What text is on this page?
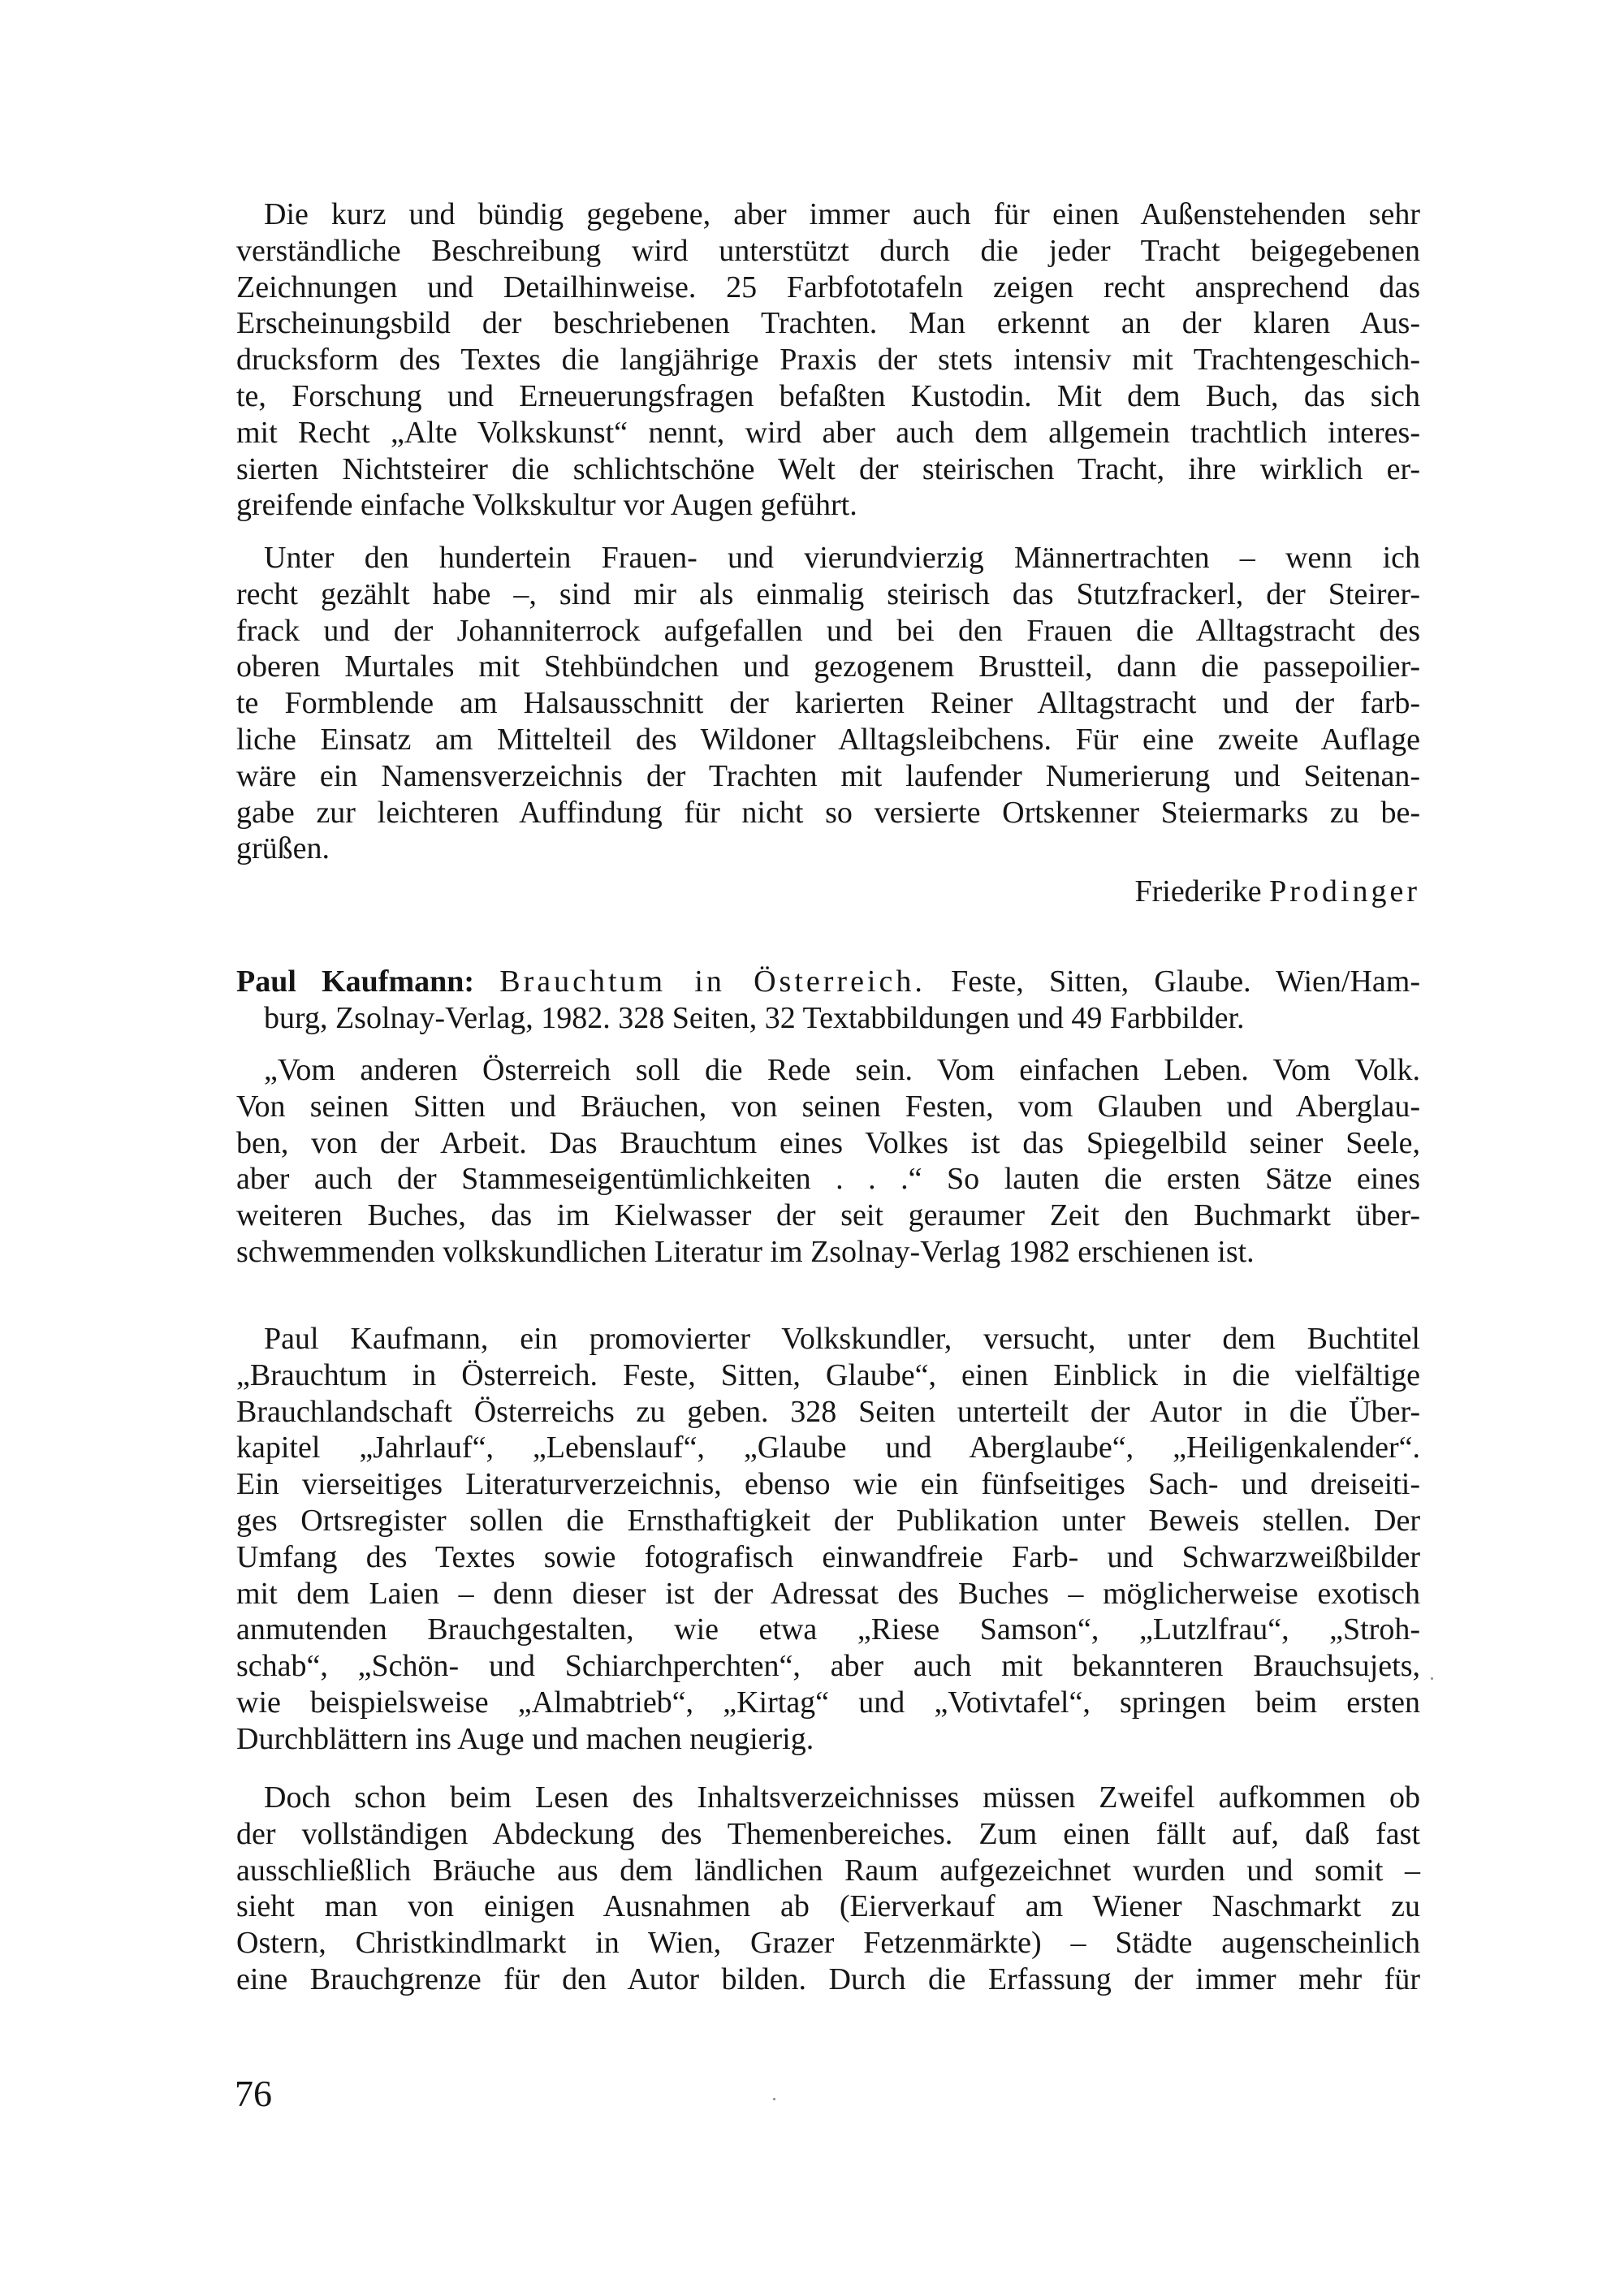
Die kurz und bündig gegebene, aber immer auch für einen Außenstehenden sehr
verständliche Beschreibung wird unterstützt durch die jeder Tracht beigegebenen
Zeichnungen und Detailhinweise. 25 Farbfototafeln zeigen recht ansprechend das
Erscheinungsbild der beschriebenen Trachten. Man erkennt an der klaren Aus-
drucksform des Textes die langjährige Praxis der stets intensiv mit Trachtengeschich-
te, Forschung und Erneuerungsfragen befaßten Kustodin. Mit dem Buch, das sich
mit Recht „Alte Volkskunst“ nennt, wird aber auch dem allgemein trachtlich interes-
sierten Nichtsteirer die schlichtschöne Welt der steirischen Tracht, ihre wirklich er-
greifende einfache Volkskultur vor Augen geführt.
Unter den hundertein Frauen- und vierundvierzig Männertrachten – wenn ich
recht gezählt habe –, sind mir als einmalig steirisch das Stutzfrackerl, der Steirer-
frack und der Johanniterrock aufgefallen und bei den Frauen die Alltagstracht des
oberen Murtales mit Stehbündchen und gezogenem Brustteil, dann die passepoilier-
te Formblende am Halsausschnitt der karierten Reiner Alltagstracht und der farb-
liche Einsatz am Mittelteil des Wildoner Alltagsleibchens. Für eine zweite Auflage
wäre ein Namensverzeichnis der Trachten mit laufender Numerierung und Seitenan-
gabe zur leichteren Auffindung für nicht so versierte Ortskenner Steiermarks zu be-
grüßen.
Friederike Prodinger
Paul Kaufmann: Brauchtum in Österreich. Feste, Sitten, Glaube. Wien/Ham-
burg, Zsolnay-Verlag, 1982. 328 Seiten, 32 Textabbildungen und 49 Farbbilder.
„Vom anderen Österreich soll die Rede sein. Vom einfachen Leben. Vom Volk.
Von seinen Sitten und Bräuchen, von seinen Festen, vom Glauben und Aberglau-
ben, von der Arbeit. Das Brauchtum eines Volkes ist das Spiegelbild seiner Seele,
aber auch der Stammeseigentümlichkeiten . . .“ So lauten die ersten Sätze eines
weiteren Buches, das im Kielwasser der seit geraumer Zeit den Buchmarkt über-
schwemmenden volkskundlichen Literatur im Zsolnay-Verlag 1982 erschienen ist.
Paul Kaufmann, ein promovierter Volkskundler, versucht, unter dem Buchtitel
„Brauchtum in Österreich. Feste, Sitten, Glaube“, einen Einblick in die vielfältige
Brauchlandschaft Österreichs zu geben. 328 Seiten unterteilt der Autor in die Über-
kapitel „Jahrlauf“, „Lebenslauf“, „Glaube und Aberglaube“, „Heiligenkalender“.
Ein vierseitiges Literaturverzeichnis, ebenso wie ein fünfseitiges Sach- und dreiseiti-
ges Ortsregister sollen die Ernsthaftigkeit der Publikation unter Beweis stellen. Der
Umfang des Textes sowie fotografisch einwandfreie Farb- und Schwarzweißbilder
mit dem Laien – denn dieser ist der Adressat des Buches – möglicherweise exotisch
anmutenden Brauchgestalten, wie etwa „Riese Samson“, „Lutzlfrau“, „Stroh-
schab“, „Schön- und Schiarchperchten“, aber auch mit bekannteren Brauchsujets,
wie beispielsweise „Almabtrieb“, „Kirtag“ und „Votivtafel“, springen beim ersten
Durchblättern ins Auge und machen neugierig.
Doch schon beim Lesen des Inhaltsverzeichnisses müssen Zweifel aufkommen ob
der vollständigen Abdeckung des Themenbereiches. Zum einen fällt auf, daß fast
ausschließlich Bräuche aus dem ländlichen Raum aufgezeichnet wurden und somit –
sieht man von einigen Ausnahmen ab (Eierverkauf am Wiener Naschmarkt zu
Ostern, Christkindlmarkt in Wien, Grazer Fetzenmärkte) – Städte augenscheinlich
eine Brauchgrenze für den Autor bilden. Durch die Erfassung der immer mehr für
76
